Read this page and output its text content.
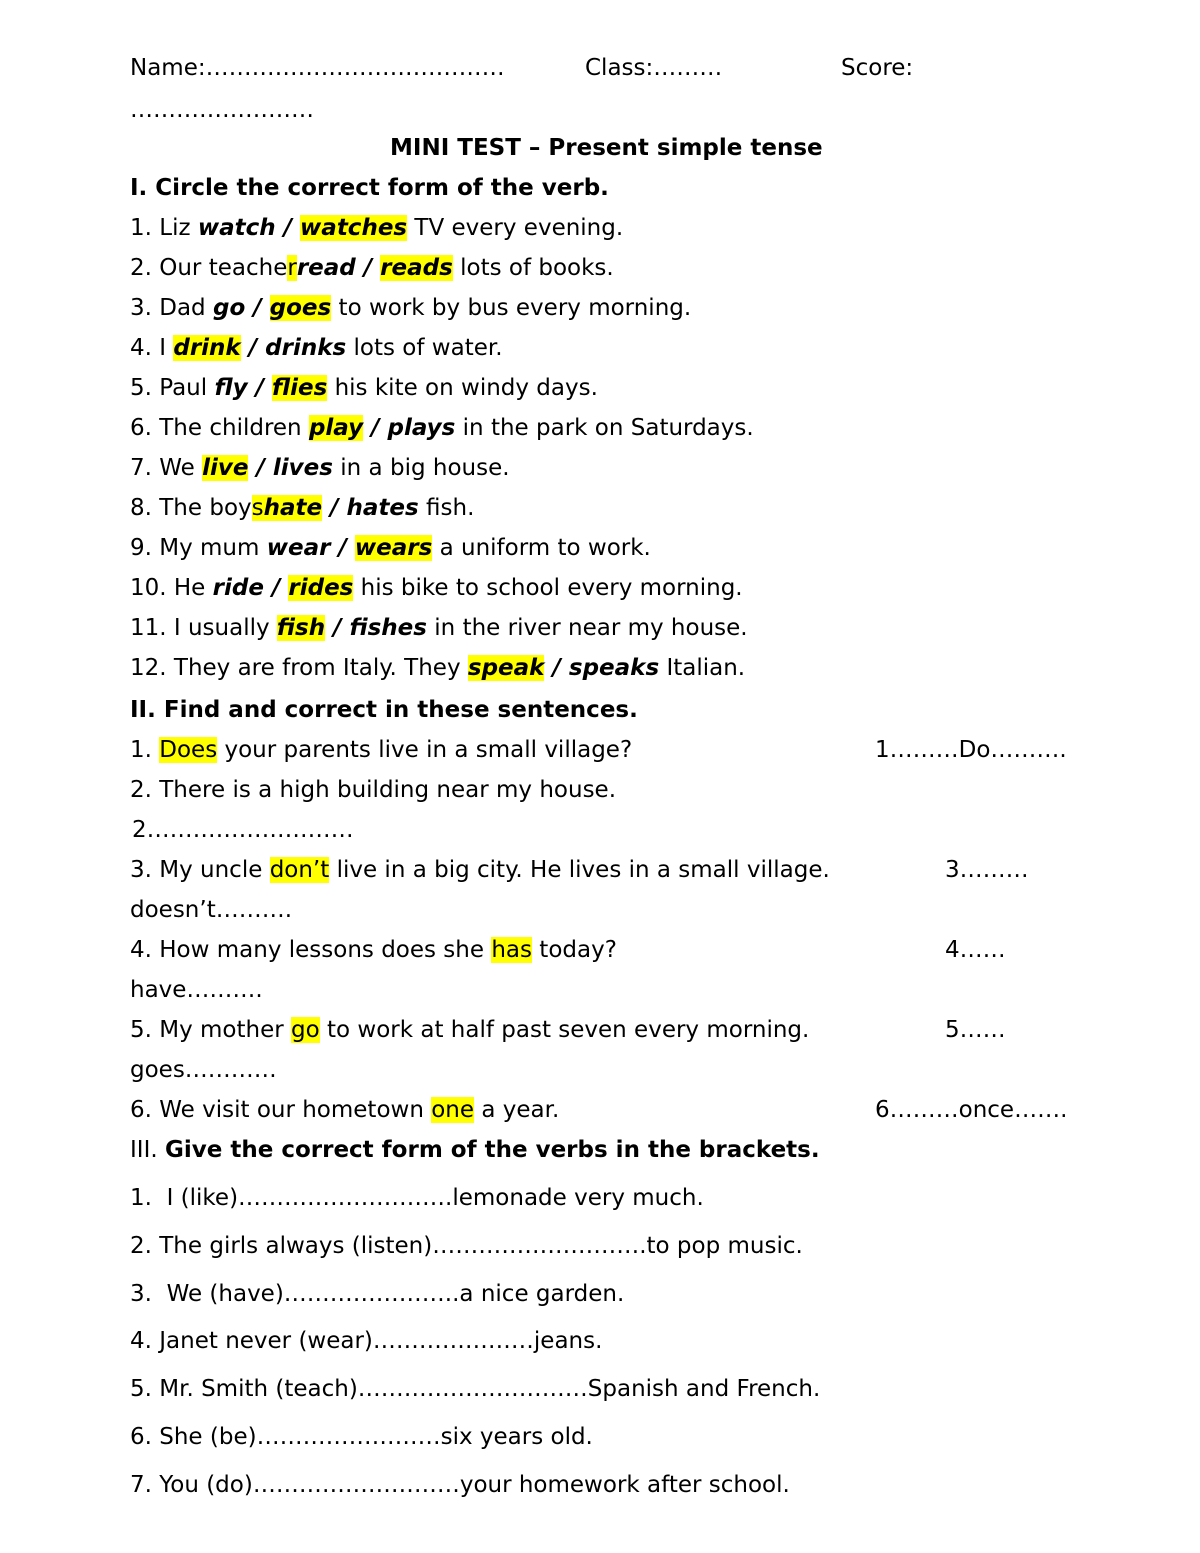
Name:…………………………………	Class:………	Score:
……………………
MINI TEST – Present simple tense
I. Circle the correct form of the verb.
1. Liz watch / watches TV every evening.
2. Our teacherread / reads lots of books.
3. Dad go / goes to work by bus every morning.
4. I drink / drinks lots of water.
5. Paul fly / flies his kite on windy days.
6. The children play / plays in the park on Saturdays.
7. We live / lives in a big house.
8. The boyshate / hates fish.
9. My mum wear / wears a uniform to work.
10. He ride / rides his bike to school every morning.
11. I usually fish / fishes in the river near my house.
12. They are from Italy. They speak / speaks Italian.
II. Find and correct in these sentences.
1. Does your parents live in a small village?	1………Do……….
2. There is a high building near my house.
2………………………
3. My uncle don’t live in a big city. He lives in a small village.	3………
doesn’t……….
4. How many lessons does she has today?	4……
have……….
5. My mother go to work at half past seven every morning.	5……
goes…………
6. We visit our hometown one a year.	6………once…….
III. Give the correct form of the verbs in the brackets.
1.  I (like)……………………….lemonade very much.
2. The girls always (listen)……………………….to pop music.
3.  We (have)…………………..a nice garden.
4. Janet never (wear)…………………jeans.
5. Mr. Smith (teach)…………………………Spanish and French.
6. She (be)……………………six years old.
7. You (do)………………………your homework after school.
